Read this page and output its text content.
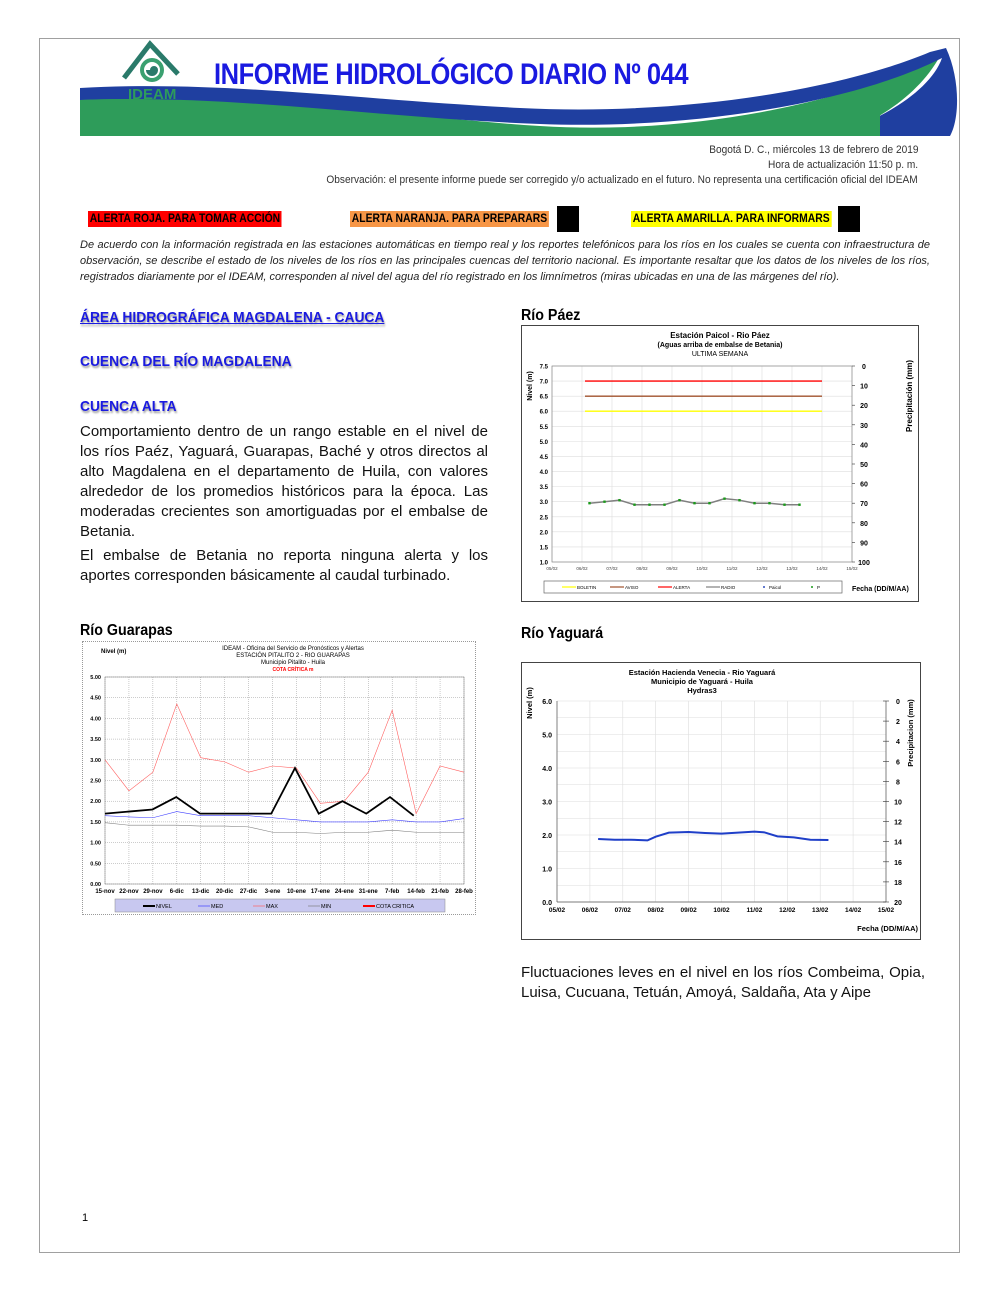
IDEAM
INFORME HIDROLÓGICO DIARIO Nº 044
Bogotá D. C., miércoles 13 de febrero de 2019
Hora de actualización 11:50 p. m.
Observación: el presente informe puede ser corregido y/o actualizado en el futuro. No representa una certificación oficial del IDEAM
ALERTA ROJA. PARA TOMAR ACCIÓN	ALERTA NARANJA. PARA PREPARARS	ALERTA AMARILLA. PARA INFORMARS
De acuerdo con la información registrada en las estaciones automáticas en tiempo real y los reportes telefónicos para los ríos en los cuales se cuenta con infraestructura de observación, se describe el estado de los niveles de los ríos en las principales cuencas del territorio nacional. Es importante resaltar que los datos de los niveles de los ríos, registrados diariamente por el IDEAM, corresponden al nivel del agua del río registrado en los limnímetros (miras ubicadas en una de las márgenes del río).
ÁREA HIDROGRÁFICA MAGDALENA - CAUCA
CUENCA DEL RÍO MAGDALENA
CUENCA ALTA
Comportamiento dentro de un rango estable en el nivel de los ríos Paéz, Yaguará, Guarapas, Baché y otros directos al alto Magdalena en el departamento de Huila, con valores alrededor de los promedios históricos para la época. Las moderadas crecientes son amortiguadas por el embalse de Betania.
El embalse de Betania no reporta ninguna alerta y los aportes corresponden básicamente al caudal turbinado.
Río Páez
Estación Paicol - Rio Páez
(Aguas arriba de embalse de Betania)
ULTIMA SEMANA
7.5
7.0
6.5
6.0
5.5
5.0
4.5
4.0
3.5
3.0
2.5
2.0
1.5
1.0
05/02	06/02	07/02	08/02	09/02	10/02	11/02	12/02	13/02	14/02	15/02
0
10
20
30
40
50
60
70
80
90
100
Nivel (m)	Precipitación (mm)
BOLETIN	AVISO	ALERTA	RADIO	Paicol	P	Fecha (DD/M/AA)
Río Guarapas
Nivel (m)	IDEAM - Oficina del Servicio de Pronósticos y Alertas
ESTACIÓN PITALITO 2 - RIO GUARAPAS
Municipio Pitalito - Huila
COTA CRÍTICA m
5.00
4.50
4.00
3.50
3.00
2.50
2.00
1.50
1.00
0.50
0.00
15-nov 22-nov 29-nov 6-dic 13-dic 20-dic 27-dic 3-ene 10-ene 17-ene 24-ene 31-ene 7-feb 14-feb 21-feb 28-feb
NIVEL	MED	MAX	MIN	COTA CRITICA
Río Yaguará
Estación Hacienda Venecia - Rio Yaguará
Municipio de Yaguará - Huila
Hydras3
Nivel (m)	Precipitacion (mm)
6.0
5.0
4.0
3.0
2.0
1.0
0.0
05/02	06/02	07/02	08/02	09/02	10/02	11/02	12/02	13/02	14/02	15/02
0
2
4
6
8
10
12
14
16
18
20
Fecha (DD/M/AA)
Fluctuaciones leves en el nivel en los ríos Combeima, Opia, Luisa, Cucuana, Tetuán, Amoyá, Saldaña, Ata y Aipe
1
